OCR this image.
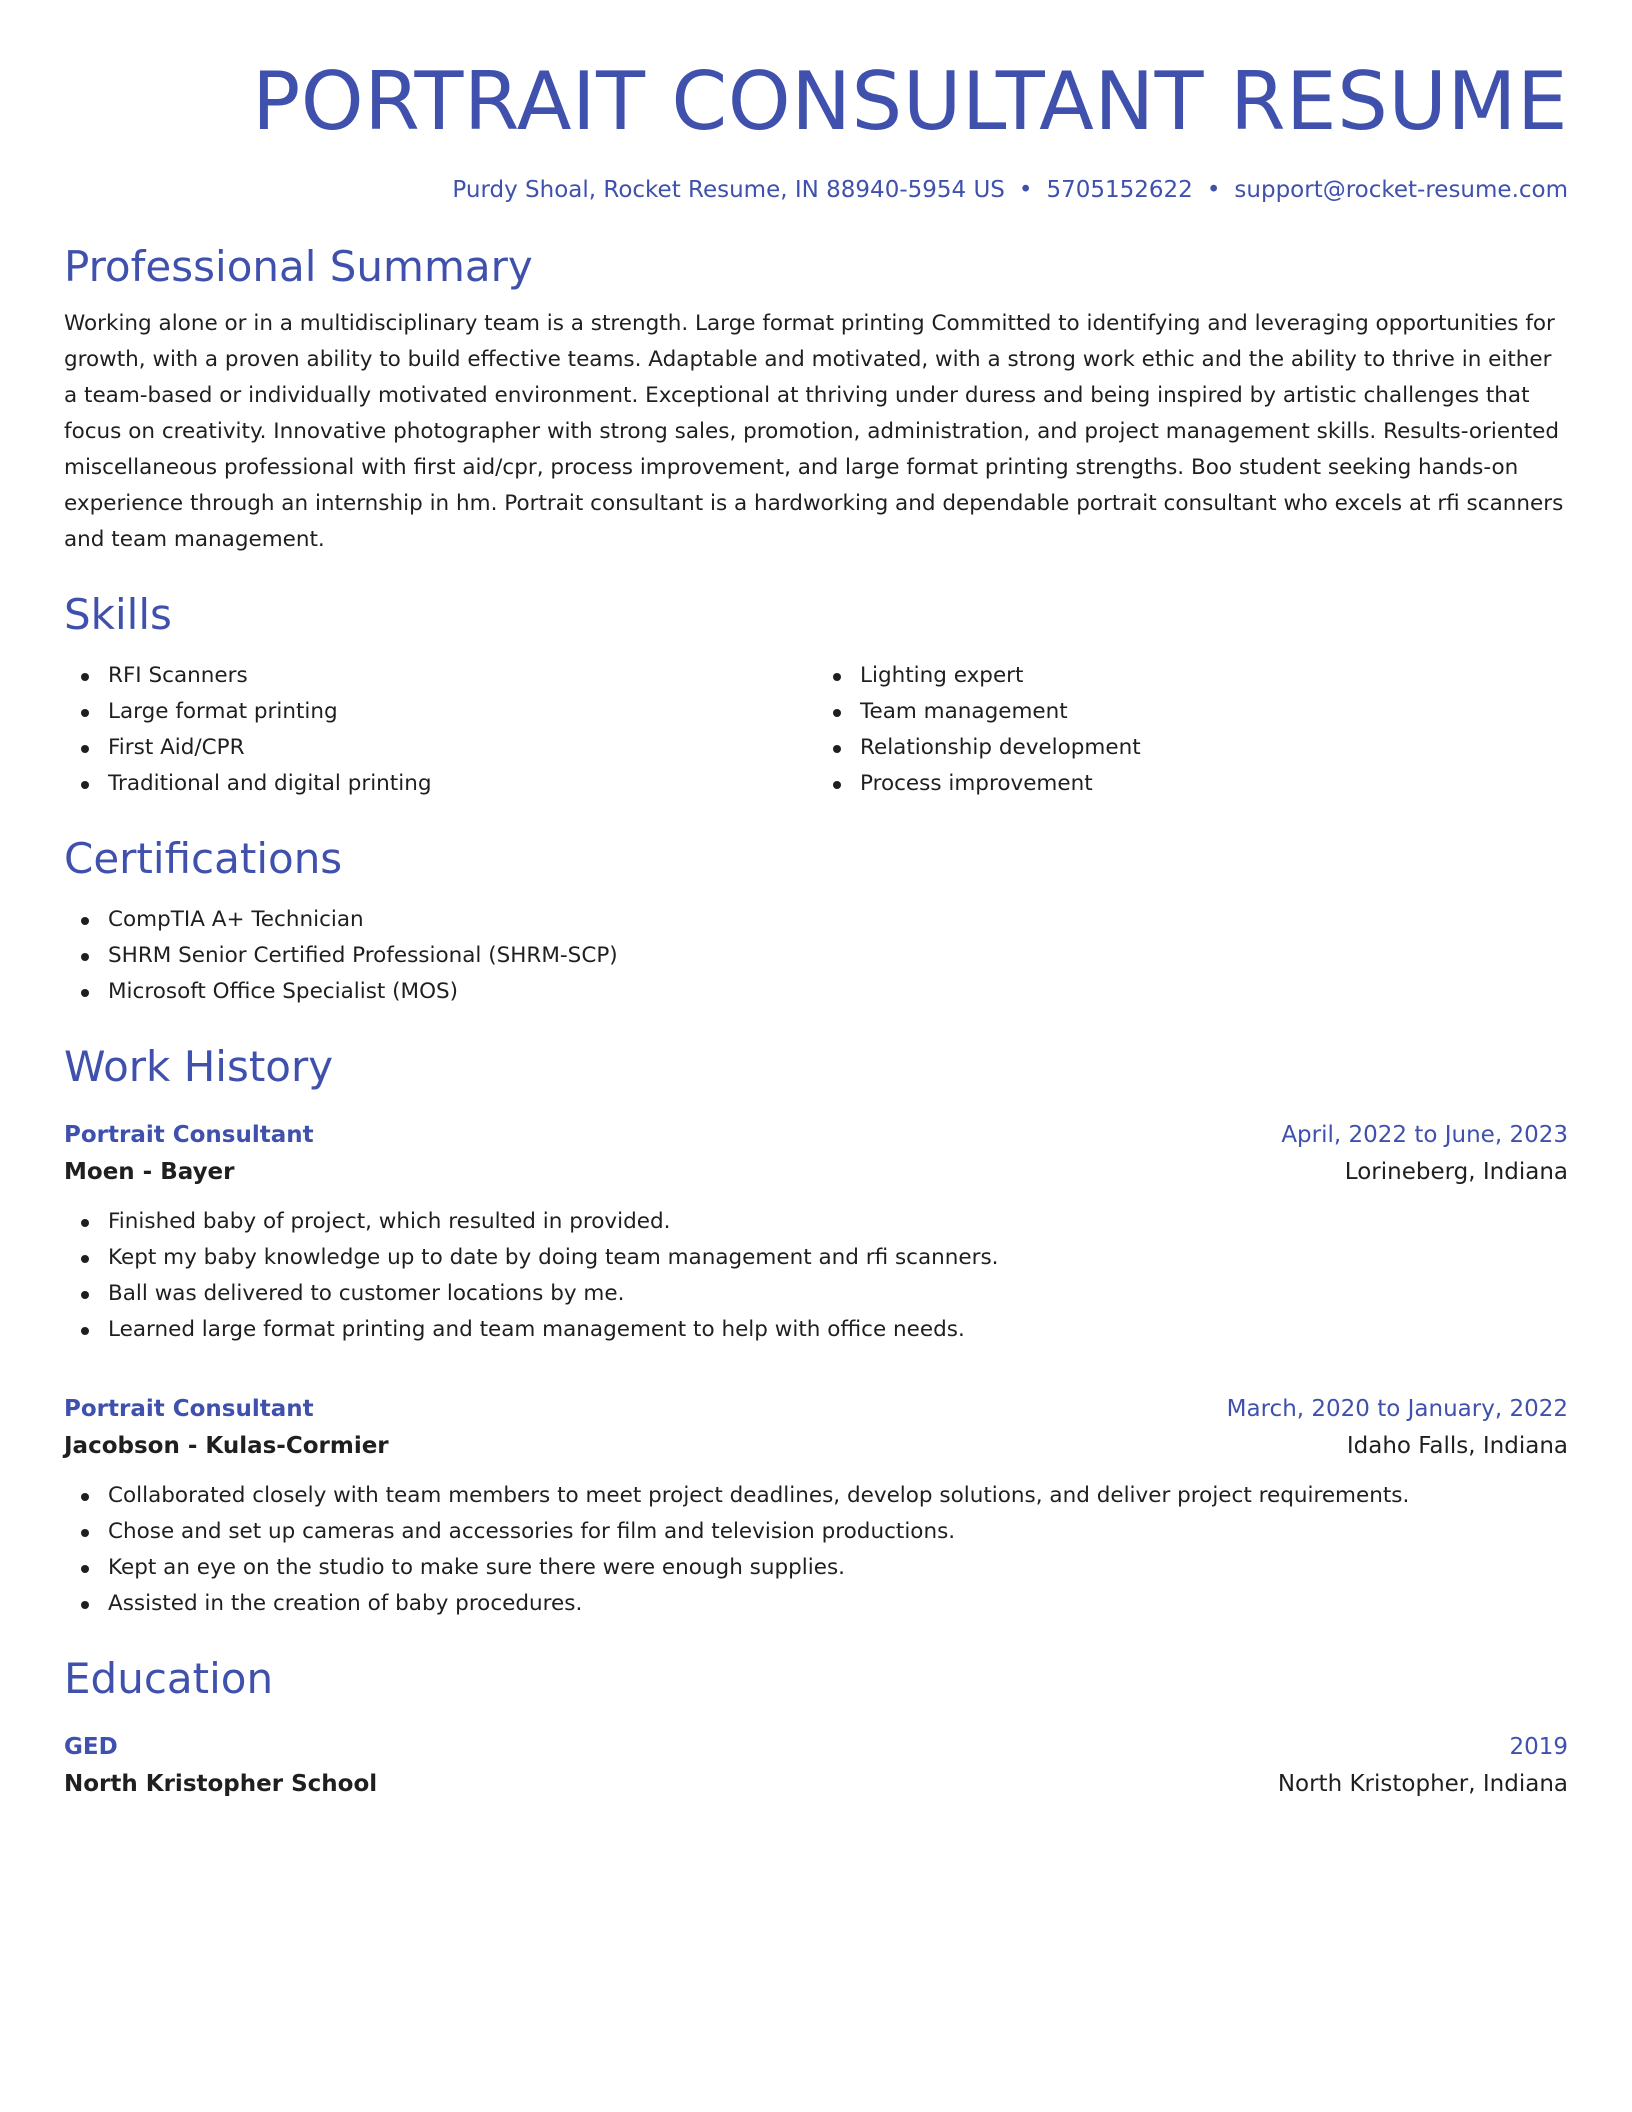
PORTRAIT CONSULTANT RESUME
Purdy Shoal, Rocket Resume, IN 88940-5954 US • 5705152622 • support@rocket-resume.com
Professional Summary
Working alone or in a multidisciplinary team is a strength. Large format printing Committed to identifying and leveraging opportunities for growth, with a proven ability to build effective teams. Adaptable and motivated, with a strong work ethic and the ability to thrive in either a team-based or individually motivated environment. Exceptional at thriving under duress and being inspired by artistic challenges that focus on creativity. Innovative photographer with strong sales, promotion, administration, and project management skills. Results-oriented miscellaneous professional with first aid/cpr, process improvement, and large format printing strengths. Boo student seeking hands-on experience through an internship in hm. Portrait consultant is a hardworking and dependable portrait consultant who excels at rfi scanners and team management.
Skills
RFI Scanners
Large format printing
First Aid/CPR
Traditional and digital printing
Lighting expert
Team management
Relationship development
Process improvement
Certifications
CompTIA A+ Technician
SHRM Senior Certified Professional (SHRM-SCP)
Microsoft Office Specialist (MOS)
Work History
Portrait Consultant	April, 2022 to June, 2023
Moen - Bayer	Lorineberg, Indiana
Finished baby of project, which resulted in provided.
Kept my baby knowledge up to date by doing team management and rfi scanners.
Ball was delivered to customer locations by me.
Learned large format printing and team management to help with office needs.
Portrait Consultant	March, 2020 to January, 2022
Jacobson - Kulas-Cormier	Idaho Falls, Indiana
Collaborated closely with team members to meet project deadlines, develop solutions, and deliver project requirements.
Chose and set up cameras and accessories for film and television productions.
Kept an eye on the studio to make sure there were enough supplies.
Assisted in the creation of baby procedures.
Education
GED	2019
North Kristopher School	North Kristopher, Indiana
